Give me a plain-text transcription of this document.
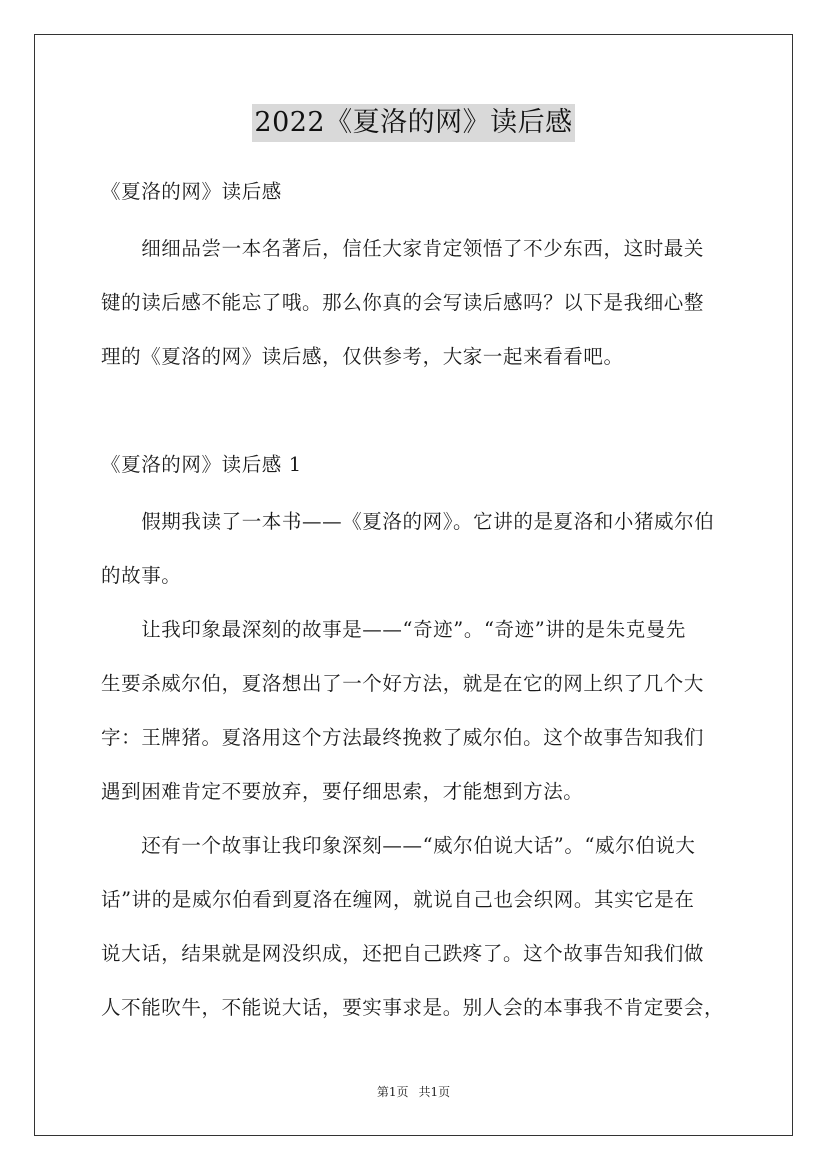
2022《夏洛的网》读后感
《夏洛的网》读后感
　　细细品尝一本名著后，信任大家肯定领悟了不少东西，这时最关
键的读后感不能忘了哦。那么你真的会写读后感吗？以下是我细心整
理的《夏洛的网》读后感，仅供参考，大家一起来看看吧。
《夏洛的网》读后感 1
　　假期我读了一本书——《夏洛的网》。它讲的是夏洛和小猪威尔伯
的故事。
　　让我印象最深刻的故事是——“奇迹”。“奇迹”讲的是朱克曼先
生要杀威尔伯，夏洛想出了一个好方法，就是在它的网上织了几个大
字：王牌猪。夏洛用这个方法最终挽救了威尔伯。这个故事告知我们
遇到困难肯定不要放弃，要仔细思索，才能想到方法。
　　还有一个故事让我印象深刻——“威尔伯说大话”。“威尔伯说大
话”讲的是威尔伯看到夏洛在缠网，就说自己也会织网。其实它是在
说大话，结果就是网没织成，还把自己跌疼了。这个故事告知我们做
人不能吹牛，不能说大话，要实事求是。别人会的本事我不肯定要会，
第1页 共1页
